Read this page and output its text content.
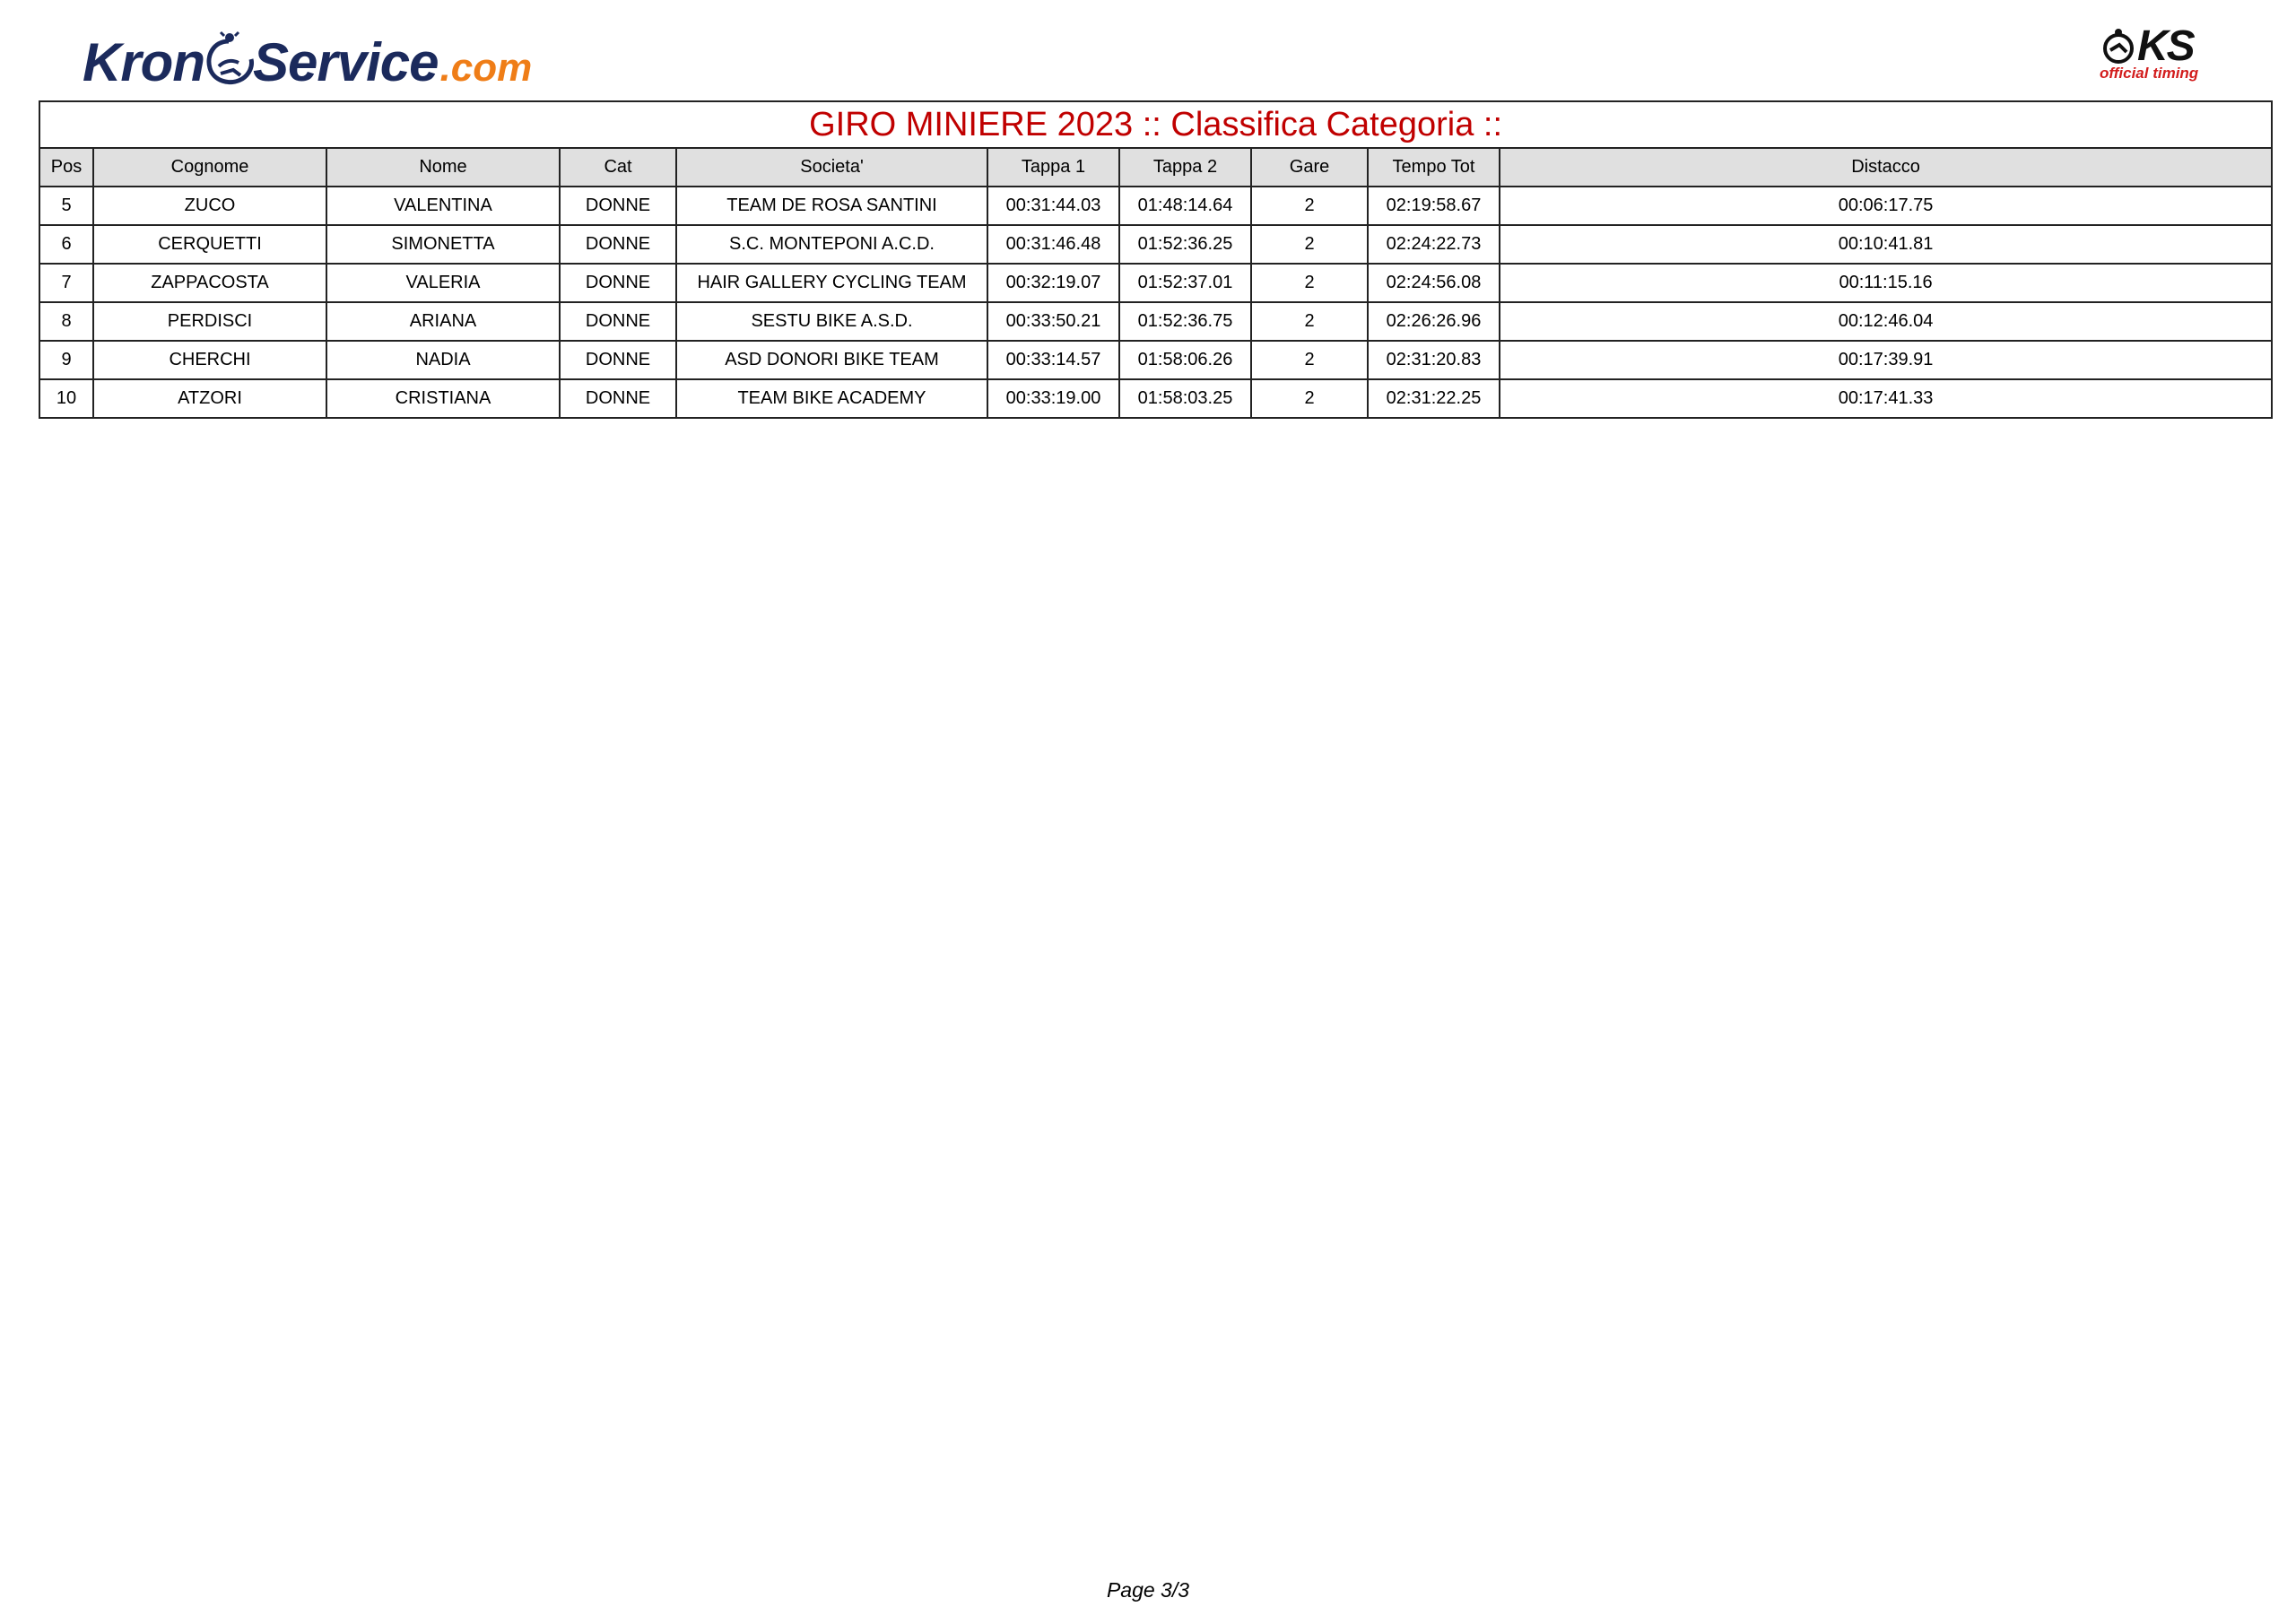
Kron Service .com	KS
official timing
GIRO MINIERE 2023 :: Classifica Categoria ::									
Pos	Cognome	Nome	Cat	Societa'	Tappa 1	Tappa 2	Gare	Tempo Tot	Distacco
5	ZUCO	VALENTINA	DONNE	TEAM DE ROSA SANTINI	00:31:44.03	01:48:14.64	2	02:19:58.67	00:06:17.75
6	CERQUETTI	SIMONETTA	DONNE	S.C. MONTEPONI A.C.D.	00:31:46.48	01:52:36.25	2	02:24:22.73	00:10:41.81
7	ZAPPACOSTA	VALERIA	DONNE	HAIR GALLERY CYCLING TEAM	00:32:19.07	01:52:37.01	2	02:24:56.08	00:11:15.16
8	PERDISCI	ARIANA	DONNE	SESTU BIKE A.S.D.	00:33:50.21	01:52:36.75	2	02:26:26.96	00:12:46.04
9	CHERCHI	NADIA	DONNE	ASD DONORI BIKE TEAM	00:33:14.57	01:58:06.26	2	02:31:20.83	00:17:39.91
10	ATZORI	CRISTIANA	DONNE	TEAM BIKE ACADEMY	00:33:19.00	01:58:03.25	2	02:31:22.25	00:17:41.33
Page 3/3
